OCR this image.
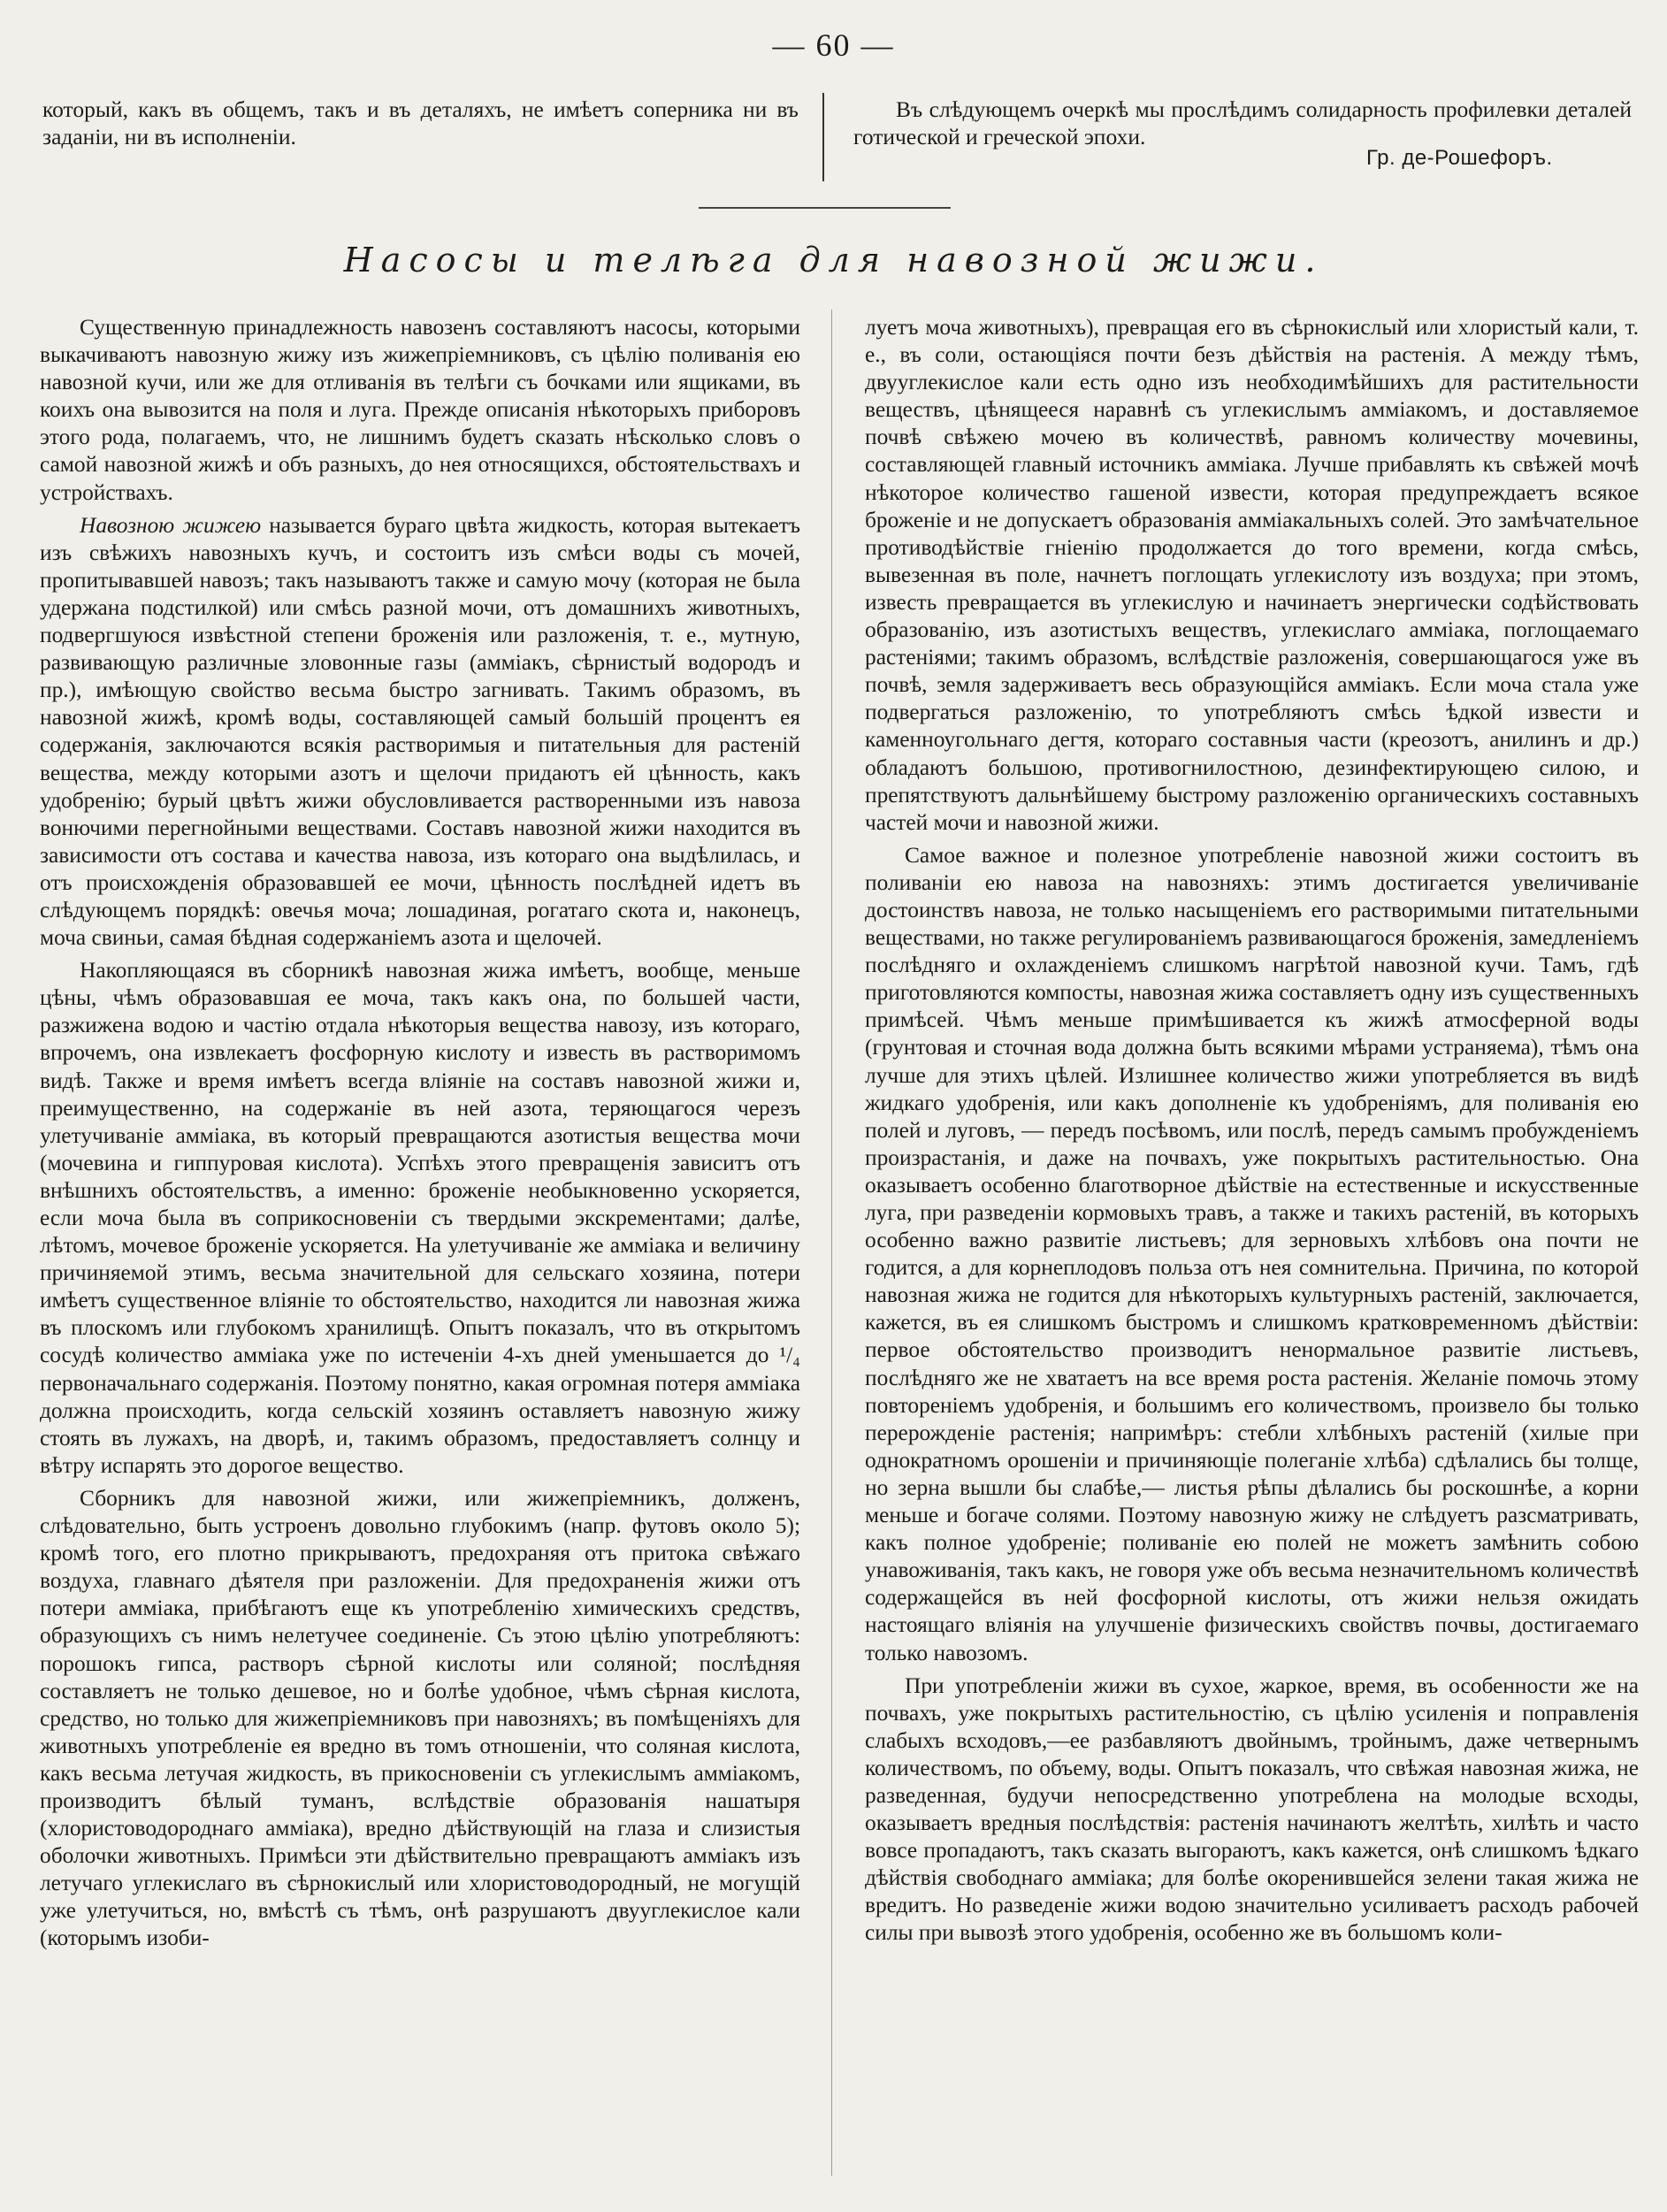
— 60 —

который, какъ въ общемъ, такъ и въ деталяхъ, не имѣетъ соперника ни въ заданіи, ни въ исполненіи.

Въ слѣдующемъ очеркѣ мы прослѣдимъ солидарность профилевки деталей готической и греческой эпохи.

Гр. де-Рошефоръ.
Насосы и телѣга для навозной жижи.

Существенную принадлежность навозенъ составляютъ насосы, которыми выкачиваютъ навозную жижу изъ жижепріемниковъ, съ цѣлію поливанія ею навозной кучи, или же для отливанія въ телѣги съ бочками или ящиками, въ коихъ она вывозится на поля и луга. Прежде описанія нѣкоторыхъ приборовъ этого рода, полагаемъ, что, не лишнимъ будетъ сказать нѣсколько словъ о самой навозной жижѣ и объ разныхъ, до нея относящихся, обстоятельствахъ и устройствахъ.

Навозною жижею называется бураго цвѣта жидкость, которая вытекаетъ изъ свѣжихъ навозныхъ кучъ, и состоитъ изъ смѣси воды съ мочей, пропитывавшей навозъ; такъ называютъ также и самую мочу (которая не была удержана подстилкой) или смѣсь разной мочи, отъ домашнихъ животныхъ, подвергшуюся извѣстной степени броженія или разложенія, т. е., мутную, развивающую различные зловонные газы (амміакъ, сѣрнистый водородъ и пр.), имѣющую свойство весьма быстро загнивать. Такимъ образомъ, въ навозной жижѣ, кромѣ воды, составляющей самый большій процентъ ея содержанія, заключаются всякія растворимыя и питательныя для растеній вещества, между которыми азотъ и щелочи придаютъ ей цѣнность, какъ удобренію; бурый цвѣтъ жижи обусловливается растворенными изъ навоза вонючими перегнойными веществами. Составъ навозной жижи находится въ зависимости отъ состава и качества навоза, изъ котораго она выдѣлилась, и отъ происхожденія образовавшей ее мочи, цѣнность послѣдней идетъ въ слѣдующемъ порядкѣ: овечья моча; лошадиная, рогатаго скота и, наконецъ, моча свиньи, самая бѣдная содержаніемъ азота и щелочей.

Накопляющаяся въ сборникѣ навозная жижа имѣетъ, вообще, меньше цѣны, чѣмъ образовавшая ее моча, такъ какъ она, по большей части, разжижена водою и частію отдала нѣкоторыя вещества навозу, изъ котораго, впрочемъ, она извлекаетъ фосфорную кислоту и известь въ растворимомъ видѣ. Также и время имѣетъ всегда вліяніе на составъ навозной жижи и, преимущественно, на содержаніе въ ней азота, теряющагося черезъ улетучиваніе амміака, въ который превращаются азотистыя вещества мочи (мочевина и гиппуровая кислота). Успѣхъ этого превращенія зависитъ отъ внѣшнихъ обстоятельствъ, а именно: броженіе необыкновенно ускоряется, если моча была въ соприкосновеніи съ твердыми экскрементами; далѣе, лѣтомъ, мочевое броженіе ускоряется. На улетучиваніе же амміака и величину причиняемой этимъ, весьма значительной для сельскаго хозяина, потери имѣетъ существенное вліяніе то обстоятельство, находится ли навозная жижа въ плоскомъ или глубокомъ хранилищѣ. Опытъ показалъ, что въ открытомъ сосудѣ количество амміака уже по истеченіи 4-хъ дней уменьшается до ¹/₄ первоначальнаго содержанія. Поэтому понятно, какая огромная потеря амміака должна происходить, когда сельскій хозяинъ оставляетъ навозную жижу стоять въ лужахъ, на дворѣ, и, такимъ образомъ, предоставляетъ солнцу и вѣтру испарять это дорогое вещество.

Сборникъ для навозной жижи, или жижепріемникъ, долженъ, слѣдовательно, быть устроенъ довольно глубокимъ (напр. футовъ около 5); кромѣ того, его плотно прикрываютъ, предохраняя отъ притока свѣжаго воздуха, главнаго дѣятеля при разложеніи. Для предохраненія жижи отъ потери амміака, прибѣгаютъ еще къ употребленію химическихъ средствъ, образующихъ съ нимъ нелетучее соединеніе. Съ этою цѣлію употребляютъ: порошокъ гипса, растворъ сѣрной кислоты или соляной; послѣдняя составляетъ не только дешевое, но и болѣе удобное, чѣмъ сѣрная кислота, средство, но только для жижепріемниковъ при навозняхъ; въ помѣщеніяхъ для животныхъ употребленіе ея вредно въ томъ отношеніи, что соляная кислота, какъ весьма летучая жидкость, въ прикосновеніи съ углекислымъ амміакомъ, производитъ бѣлый туманъ, вслѣдствіе образованія нашатыря (хлористоводороднаго амміака), вредно дѣйствующій на глаза и слизистыя оболочки животныхъ. Примѣси эти дѣйствительно превращаютъ амміакъ изъ летучаго углекислаго въ сѣрнокислый или хлористоводородный, не могущій уже улетучиться, но, вмѣстѣ съ тѣмъ, онѣ разрушаютъ двууглекислое кали (которымъ изоби-

луетъ моча животныхъ), превращая его въ сѣрнокислый или хлористый кали, т. е., въ соли, остающіяся почти безъ дѣйствія на растенія. А между тѣмъ, двууглекислое кали есть одно изъ необходимѣйшихъ для растительности веществъ, цѣнящееся наравнѣ съ углекислымъ амміакомъ, и доставляемое почвѣ свѣжею мочею въ количествѣ, равномъ количеству мочевины, составляющей главный источникъ амміака. Лучше прибавлять къ свѣжей мочѣ нѣкоторое количество гашеной извести, которая предупреждаетъ всякое броженіе и не допускаетъ образованія амміакальныхъ солей. Это замѣчательное противодѣйствіе гніенію продолжается до того времени, когда смѣсь, вывезенная въ поле, начнетъ поглощать углекислоту изъ воздуха; при этомъ, известь превращается въ углекислую и начинаетъ энергически содѣйствовать образованію, изъ азотистыхъ веществъ, углекислаго амміака, поглощаемаго растеніями; такимъ образомъ, вслѣдствіе разложенія, совершающагося уже въ почвѣ, земля задерживаетъ весь образующійся амміакъ. Если моча стала уже подвергаться разложенію, то употребляютъ смѣсь ѣдкой извести и каменноугольнаго дегтя, котораго составныя части (креозотъ, анилинъ и др.) обладаютъ большою, противогнилостною, дезинфектирующею силою, и препятствуютъ дальнѣйшему быстрому разложенію органическихъ составныхъ частей мочи и навозной жижи.

Самое важное и полезное употребленіе навозной жижи состоитъ въ поливаніи ею навоза на навозняхъ: этимъ достигается увеличиваніе достоинствъ навоза, не только насыщеніемъ его растворимыми питательными веществами, но также регулированіемъ развивающагося броженія, замедленіемъ послѣдняго и охлажденіемъ слишкомъ нагрѣтой навозной кучи. Тамъ, гдѣ приготовляются компосты, навозная жижа составляетъ одну изъ существенныхъ примѣсей. Чѣмъ меньше примѣшивается къ жижѣ атмосферной воды (грунтовая и сточная вода должна быть всякими мѣрами устраняема), тѣмъ она лучше для этихъ цѣлей. Излишнее количество жижи употребляется въ видѣ жидкаго удобренія, или какъ дополненіе къ удобреніямъ, для поливанія ею полей и луговъ, — передъ посѣвомъ, или послѣ, передъ самымъ пробужденіемъ произрастанія, и даже на почвахъ, уже покрытыхъ растительностью. Она оказываетъ особенно благотворное дѣйствіе на естественные и искусственные луга, при разведеніи кормовыхъ травъ, а также и такихъ растеній, въ которыхъ особенно важно развитіе листьевъ; для зерновыхъ хлѣбовъ она почти не годится, а для корнеплодовъ польза отъ нея сомнительна. Причина, по которой навозная жижа не годится для нѣкоторыхъ культурныхъ растеній, заключается, кажется, въ ея слишкомъ быстромъ и слишкомъ кратковременномъ дѣйствіи: первое обстоятельство производитъ ненормальное развитіе листьевъ, послѣдняго же не хватаетъ на все время роста растенія. Желаніе помочь этому повтореніемъ удобренія, и большимъ его количествомъ, произвело бы только перерожденіе растенія; напримѣръ: стебли хлѣбныхъ растеній (хилые при однократномъ орошеніи и причиняющіе полеганіе хлѣба) сдѣлались бы толще, но зерна вышли бы слабѣе,— листья рѣпы дѣлались бы роскошнѣе, а корни меньше и богаче солями. Поэтому навозную жижу не слѣдуетъ разсматривать, какъ полное удобреніе; поливаніе ею полей не можетъ замѣнить собою унавоживанія, такъ какъ, не говоря уже объ весьма незначительномъ количествѣ содержащейся въ ней фосфорной кислоты, отъ жижи нельзя ожидать настоящаго вліянія на улучшеніе физическихъ свойствъ почвы, достигаемаго только навозомъ.

При употребленіи жижи въ сухое, жаркое, время, въ особенности же на почвахъ, уже покрытыхъ растительностію, съ цѣлію усиленія и поправленія слабыхъ всходовъ,—ее разбавляютъ двойнымъ, тройнымъ, даже четвернымъ количествомъ, по объему, воды. Опытъ показалъ, что свѣжая навозная жижа, не разведенная, будучи непосредственно употреблена на молодые всходы, оказываетъ вредныя послѣдствія: растенія начинаютъ желтѣть, хилѣть и часто вовсе пропадаютъ, такъ сказать выгораютъ, какъ кажется, онѣ слишкомъ ѣдкаго дѣйствія свободнаго амміака; для болѣе окоренившейся зелени такая жижа не вредитъ. Но разведеніе жижи водою значительно усиливаетъ расходъ рабочей силы при вывозѣ этого удобренія, особенно же въ большомъ коли-
